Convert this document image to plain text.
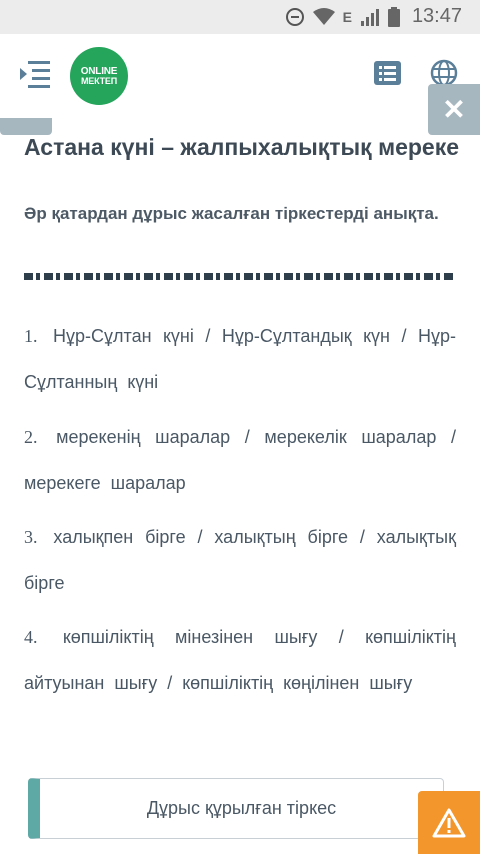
E	13:47
ONLINE
МЕКТЕП
✕
Астана күні – жалпыхалықтық мереке

Әр қатардан дұрыс жасалған тіркестерді анықта.

1. Нұр-Сұлтан күні / Нұр-Сұлтандық күн / Нұр-Сұлтанның күні
2. мерекенің шаралар / мерекелік шаралар / мерекеге шаралар
3. халықпен бірге / халықтың бірге / халықтық бірге
4. көпшіліктің мінезінен шығу / көпшіліктің айтуынан шығу / көпшіліктің көңілінен шығу
Дұрыс құрылған тіркес
